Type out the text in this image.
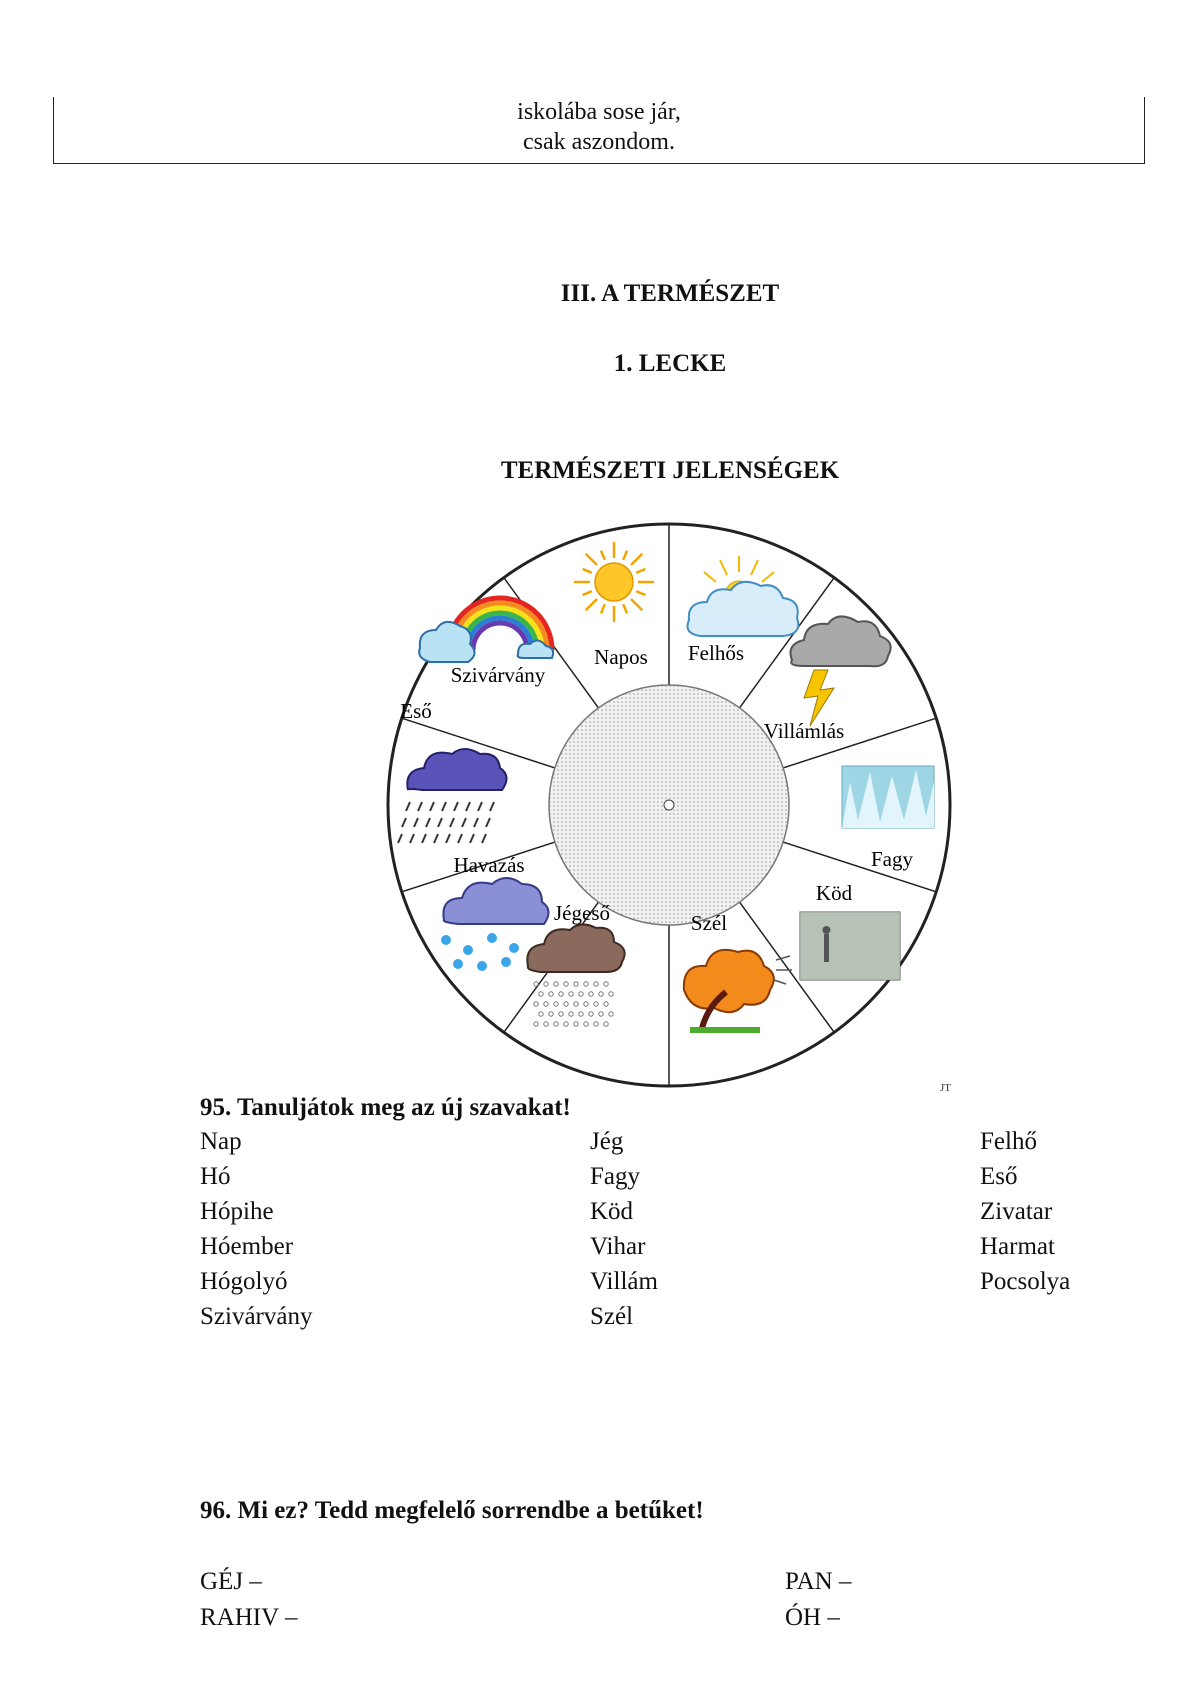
iskolába sose jár,
csak aszondom.
III. A TERMÉSZET
1. LECKE
TERMÉSZETI JELENSÉGEK
Napos Felhős
Villámlás
Fagy
Köd
Szél
Jégeső
Havazás
Eső
Szivárvány
JT
95. Tanuljátok meg az új szavakat!
Nap
Hó
Hópihe
Hóember
Hógolyó
Szivárvány
Jég
Fagy
Köd
Vihar
Villám
Szél
Felhő
Eső
Zivatar
Harmat
Pocsolya
96. Mi ez? Tedd megfelelő sorrendbe a betűket!
GÉJ –	PAN –
RAHIV –	ÓH –
